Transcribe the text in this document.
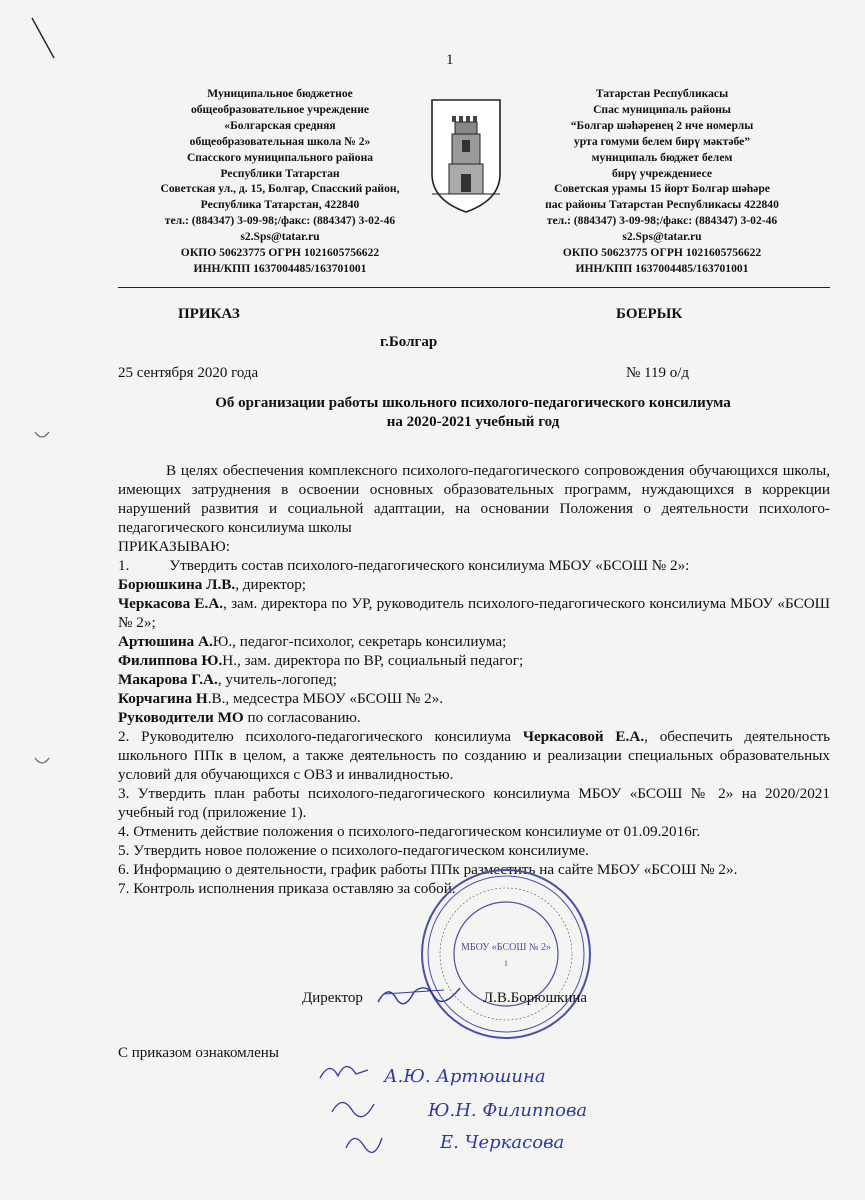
1
Муниципальное бюджетное
общеобразовательное учреждение
«Болгарская средняя
общеобразовательная школа № 2»
Спасского муниципального района
Республики Татарстан
Советская ул., д. 15, Болгар, Спасский район,
Республика Татарстан, 422840
тел.: (884347) 3-09-98;/факс: (884347) 3-02-46
s2.Sps@tatar.ru
ОКПО 50623775 ОГРН 1021605756622
ИНН/КПП 1637004485/163701001
Татарстан Республикасы
Спас муниципаль районы
“Болгар шәһәренең 2 нче номерлы
урта гомуми белем бирү мәктәбе”
муниципаль бюджет белем
бирү учреждениесе
Советская урамы 15 йорт Болгар шәһәре
пас районы Татарстан Республикасы 422840
тел.: (884347) 3-09-98;/факс: (884347) 3-02-46
s2.Sps@tatar.ru
ОКПО 50623775 ОГРН 1021605756622
ИНН/КПП 1637004485/163701001
ПРИКАЗ	БОЕРЫК
г.Болгар
25 сентября 2020 года	№ 119 о/д
Об организации работы школьного психолого-педагогического консилиума
на 2020-2021 учебный год

В целях обеспечения комплексного психолого-педагогического сопровождения обучающихся школы, имеющих затруднения в освоении основных образовательных программ, нуждающихся в коррекции нарушений развития и социальной адаптации, на основании Положения о деятельности психолого-педагогического консилиума школы

ПРИКАЗЫВАЮ:

1.	Утвердить состав психолого-педагогического консилиума МБОУ «БСОШ № 2»:

Борюшкина Л.В., директор;

Черкасова Е.А., зам. директора по УР, руководитель психолого-педагогического консилиума МБОУ «БСОШ № 2»;

Артюшина А.Ю., педагог-психолог, секретарь консилиума;

Филиппова Ю.Н., зам. директора по ВР, социальный педагог;

Макарова Г.А., учитель-логопед;

Корчагина Н.В., медсестра МБОУ «БСОШ № 2».

Руководители МО по согласованию.

2. Руководителю психолого-педагогического консилиума Черкасовой Е.А., обеспечить деятельность школьного ППк в целом, а также деятельность по созданию и реализации специальных образовательных условий для обучающихся с ОВЗ и инвалидностью.

3. Утвердить план работы психолого-педагогического консилиума МБОУ «БСОШ № 2» на 2020/2021 учебный год (приложение 1).

4. Отменить действие положения о психолого-педагогическом консилиуме от 01.09.2016г.

5. Утвердить новое положение о психолого-педагогическом консилиуме.

6. Информацию о деятельности, график работы ППк разместить на сайте МБОУ «БСОШ № 2».

7. Контроль исполнения приказа оставляю за собой.

МБОУ «БСОШ № 2»
1
Директор	Л.В.Борюшкина
С приказом ознакомлены
А.Ю. Артюшина
Ю.Н. Филиппова
Е. Черкасова
